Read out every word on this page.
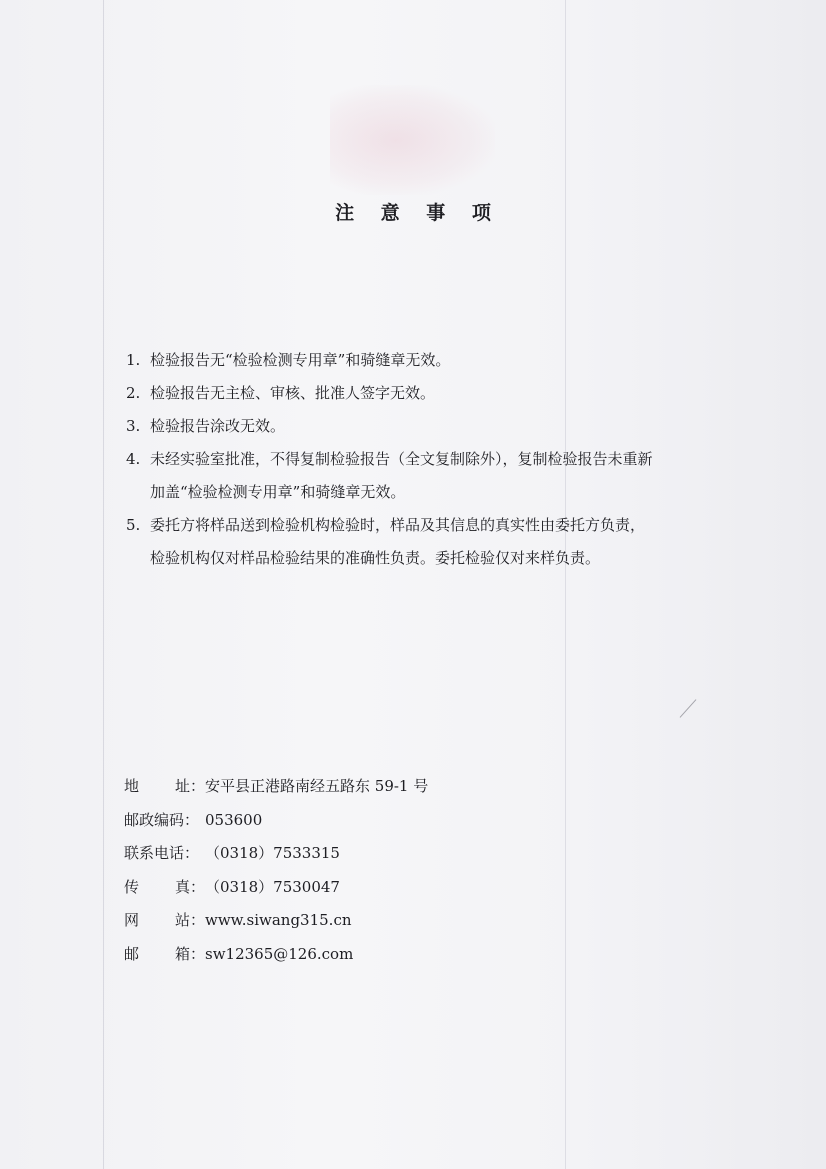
注 意 事 项
1. 检验报告无“检验检测专用章”和骑缝章无效。
2. 检验报告无主检、审核、批准人签字无效。
3. 检验报告涂改无效。
4. 未经实验室批准，不得复制检验报告（全文复制除外），复制检验报告未重新
加盖“检验检测专用章”和骑缝章无效。
5. 委托方将样品送到检验机构检验时，样品及其信息的真实性由委托方负责，
检验机构仅对样品检验结果的准确性负责。委托检验仅对来样负责。
地 址： 安平县正港路南经五路东 59-1 号
邮政编码： 053600
联系电话： （0318）7533315
传 真： （0318）7530047
网 站： www.siwang315.cn
邮 箱： sw12365@126.com
